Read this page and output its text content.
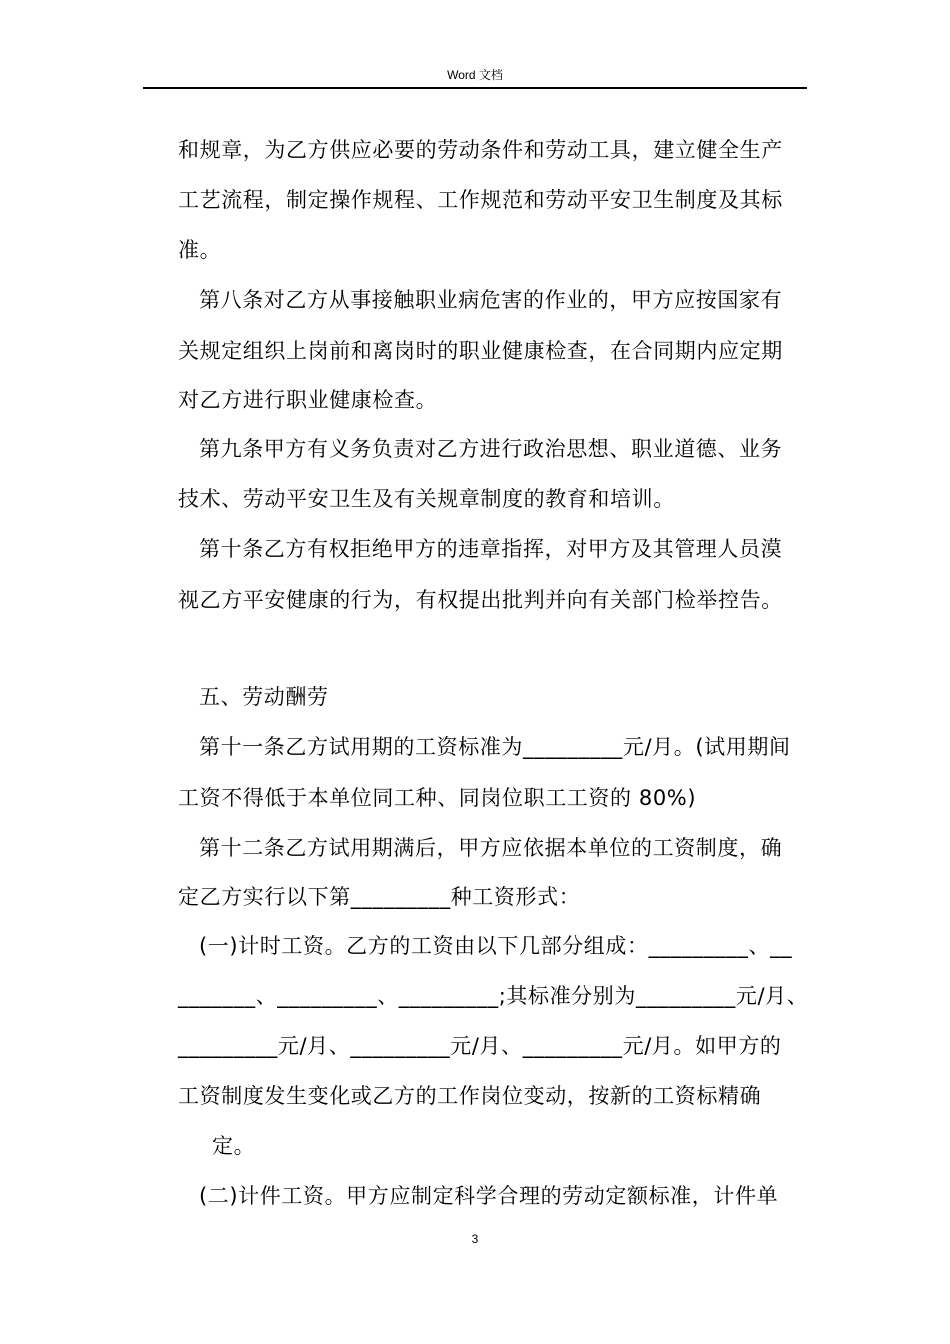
Word 文档
和规章，为乙方供应必要的劳动条件和劳动工具，建立健全生产
工艺流程，制定操作规程、工作规范和劳动平安卫生制度及其标
准。
第八条对乙方从事接触职业病危害的作业的，甲方应按国家有
关规定组织上岗前和离岗时的职业健康检查，在合同期内应定期
对乙方进行职业健康检查。
第九条甲方有义务负责对乙方进行政治思想、职业道德、业务
技术、劳动平安卫生及有关规章制度的教育和培训。
第十条乙方有权拒绝甲方的违章指挥，对甲方及其管理人员漠
视乙方平安健康的行为，有权提出批判并向有关部门检举控告。
五、劳动酬劳
第十一条乙方试用期的工资标准为_________元/月。(试用期间
工资不得低于本单位同工种、同岗位职工工资的 80%)
第十二条乙方试用期满后，甲方应依据本单位的工资制度，确
定乙方实行以下第_________种工资形式：
(一)计时工资。乙方的工资由以下几部分组成：_________、__
_______、_________、_________;其标准分别为_________元/月、
_________元/月、_________元/月、_________元/月。如甲方的
工资制度发生变化或乙方的工作岗位变动，按新的工资标精确
定。
(二)计件工资。甲方应制定科学合理的劳动定额标准，计件单
3
